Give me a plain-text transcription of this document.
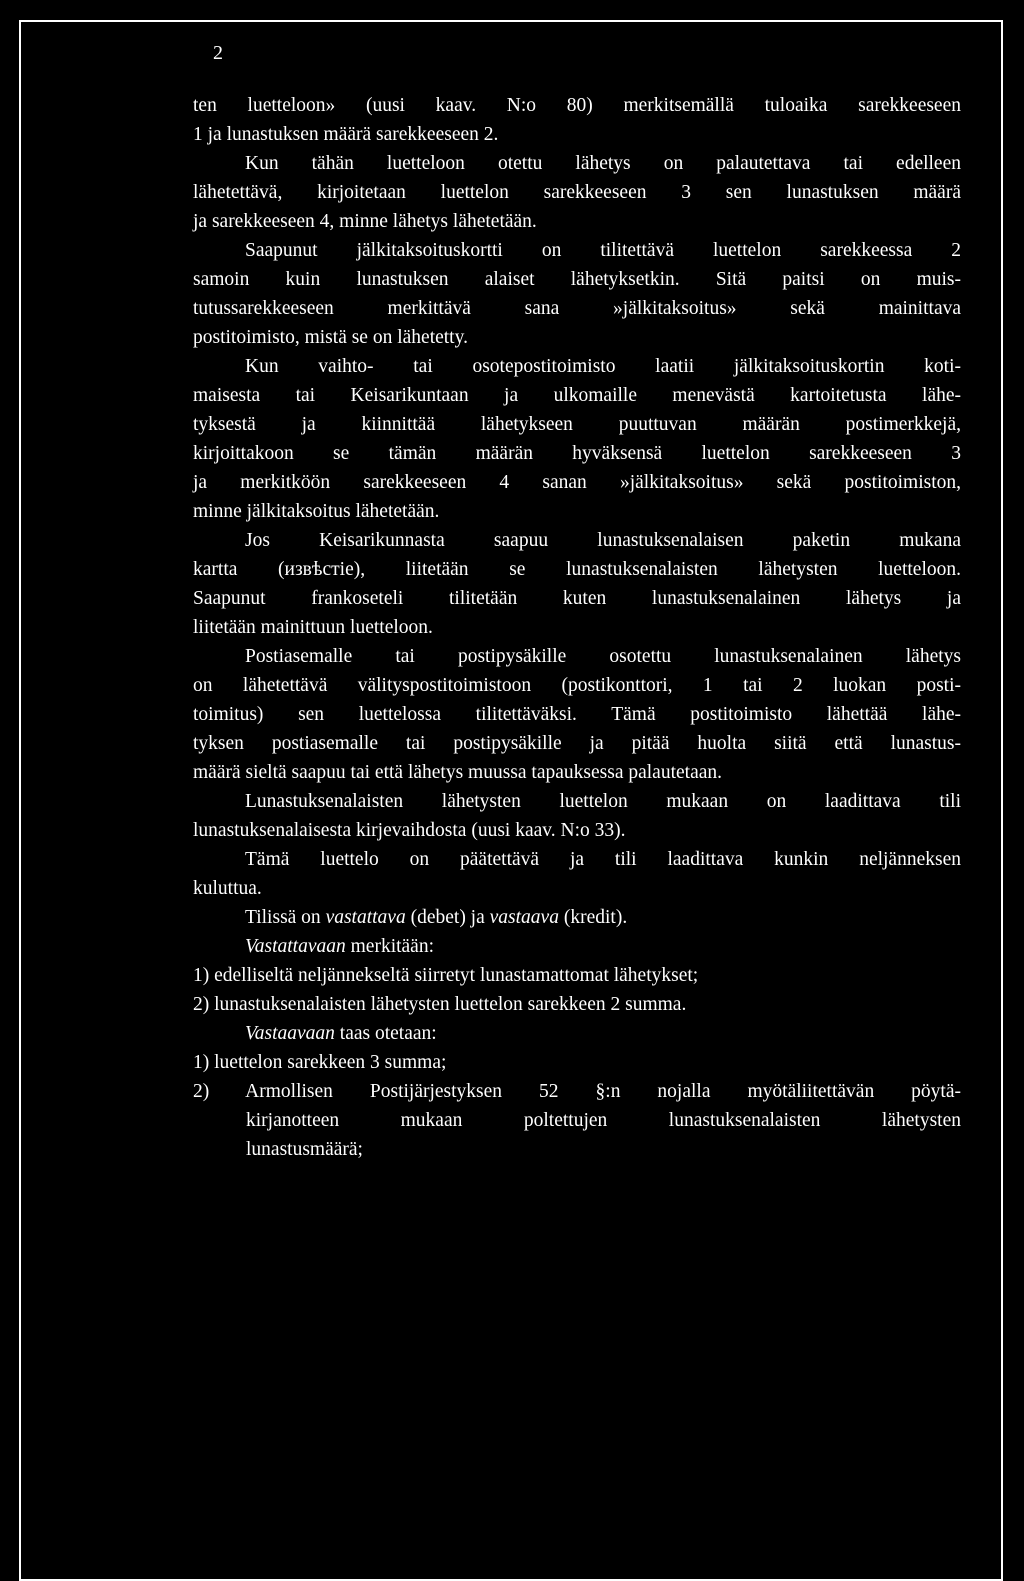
2
ten luetteloon» (uusi kaav. N:o 80) merkitsemällä tuloaika sarekkeeseen
1 ja lunastuksen määrä sarekkeeseen 2.
Kun tähän luetteloon otettu lähetys on palautettava tai edelleen
lähetettävä, kirjoitetaan luettelon sarekkeeseen 3 sen lunastuksen määrä
ja sarekkeeseen 4, minne lähetys lähetetään.
Saapunut jälkitaksoituskortti on tilitettävä luettelon sarekkeessa 2
samoin kuin lunastuksen alaiset lähetyksetkin. Sitä paitsi on muis-
tutussarekkeeseen merkittävä sana »jälkitaksoitus» sekä mainittava
postitoimisto, mistä se on lähetetty.
Kun vaihto- tai osotepostitoimisto laatii jälkitaksoituskortin koti-
maisesta tai Keisarikuntaan ja ulkomaille menevästä kartoitetusta lähe-
tyksestä ja kiinnittää lähetykseen puuttuvan määrän postimerkkejä,
kirjoittakoon se tämän määrän hyväksensä luettelon sarekkeeseen 3
ja merkitköön sarekkeeseen 4 sanan »jälkitaksoitus» sekä postitoimiston,
minne jälkitaksoitus lähetetään.
Jos Keisarikunnasta saapuu lunastuksenalaisen paketin mukana
kartta (извѣстiе), liitetään se lunastuksenalaisten lähetysten luetteloon.
Saapunut frankoseteli tilitetään kuten lunastuksenalainen lähetys ja
liitetään mainittuun luetteloon.
Postiasemalle tai postipysäkille osotettu lunastuksenalainen lähetys
on lähetettävä välityspostitoimistoon (postikonttori, 1 tai 2 luokan posti-
toimitus) sen luettelossa tilitettäväksi. Tämä postitoimisto lähettää lähe-
tyksen postiasemalle tai postipysäkille ja pitää huolta siitä että lunastus-
määrä sieltä saapuu tai että lähetys muussa tapauksessa palautetaan.
Lunastuksenalaisten lähetysten luettelon mukaan on laadittava tili
lunastuksenalaisesta kirjevaihdosta (uusi kaav. N:o 33).
Tämä luettelo on päätettävä ja tili laadittava kunkin neljänneksen
kuluttua.
Tilissä on vastattava (debet) ja vastaava (kredit).
Vastattavaan merkitään:
1) edelliseltä neljännekseltä siirretyt lunastamattomat lähetykset;
2) lunastuksenalaisten lähetysten luettelon sarekkeen 2 summa.
Vastaavaan taas otetaan:
1) luettelon sarekkeen 3 summa;
2) Armollisen Postijärjestyksen 52 §:n nojalla myötäliitettävän pöytä-
kirjanotteen mukaan poltettujen lunastuksenalaisten lähetysten
lunastusmäärä;
